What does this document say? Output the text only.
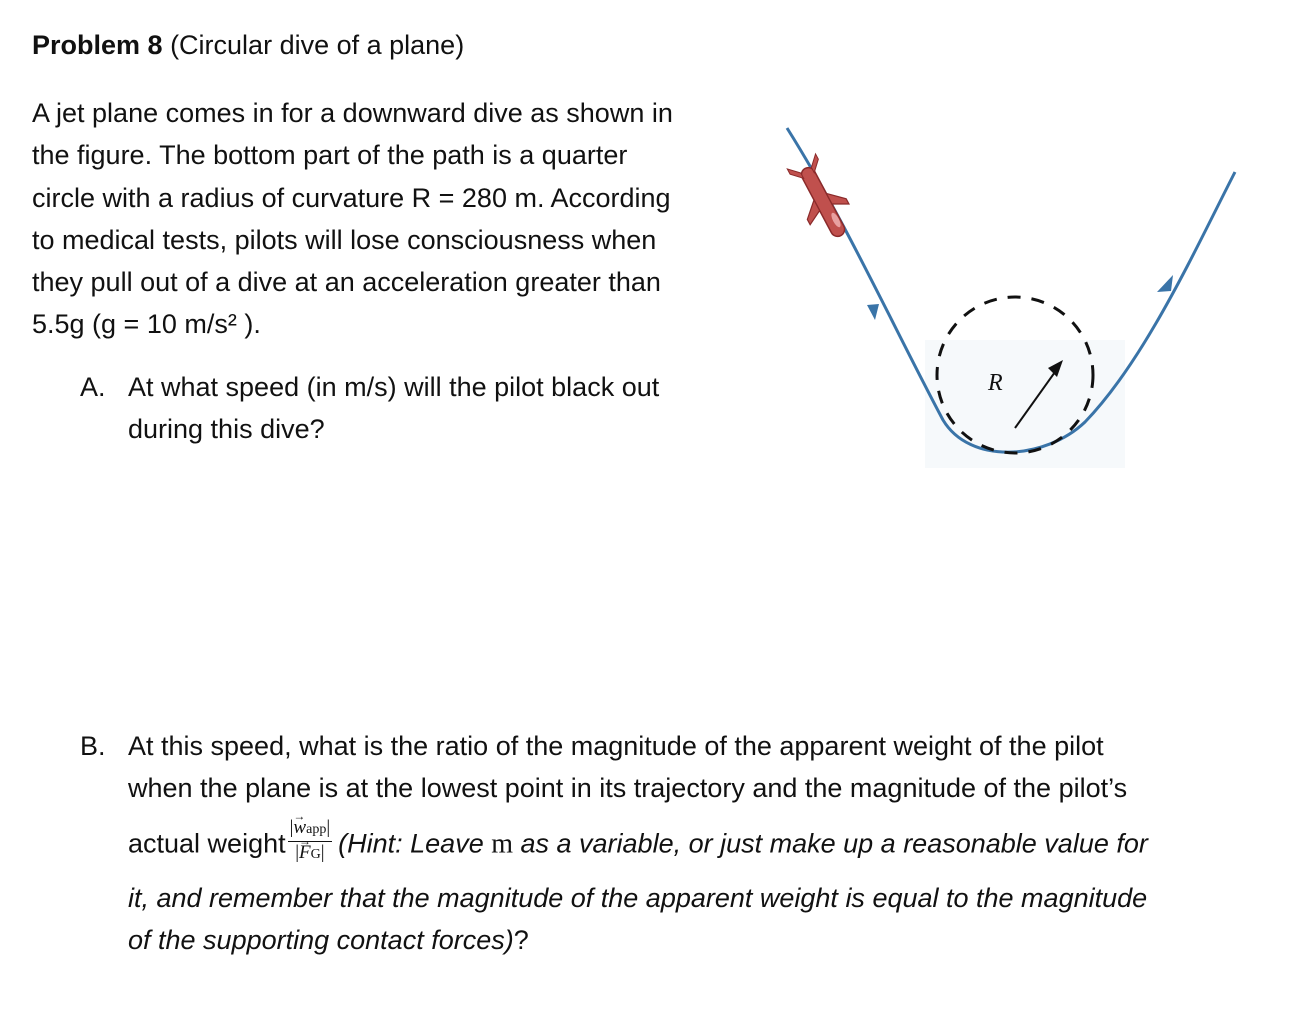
Problem 8 (Circular dive of a plane)
A jet plane comes in for a downward dive as shown in
the figure. The bottom part of the path is a quarter
circle with a radius of curvature R = 280 m. According
to medical tests, pilots will lose consciousness when
they pull out of a dive at an acceleration greater than
5.5g (g = 10 m/s² ).
A. At what speed (in m/s) will the pilot black out
during this dive?
B. At this speed, what is the ratio of the magnitude of the apparent weight of the pilot
when the plane is at the lowest point in its trajectory and the magnitude of the pilot’s
actual weight $\frac{\text{|→ wapp|}}{|\to FG|}$ (Hint: Leave m as a variable, or just make up a reasonable value for
it, and remember that the magnitude of the apparent weight is equal to the magnitude
of the supporting contact forces)?
R
